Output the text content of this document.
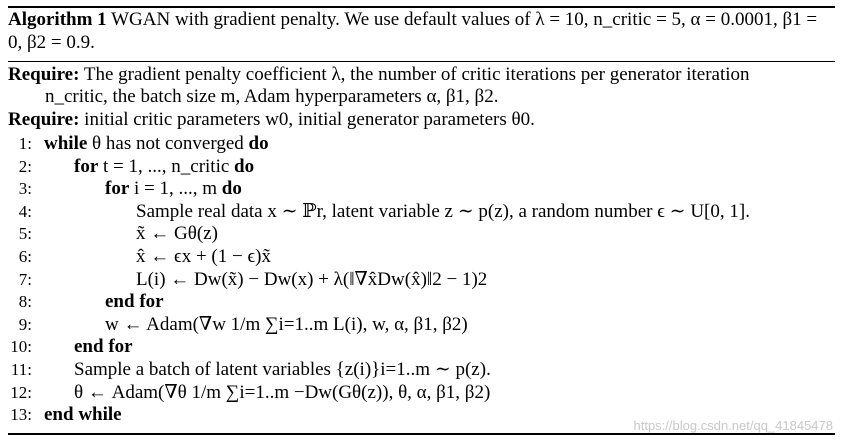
Algorithm 1 WGAN with gradient penalty. We use default values of λ = 10, n_critic = 5, α = 0.0001, β1 = 0, β2 = 0.9.
Require: The gradient penalty coefficient λ, the number of critic iterations per generator iteration
n_critic, the batch size m, Adam hyperparameters α, β1, β2.
Require: initial critic parameters w0, initial generator parameters θ0.
1: while θ has not converged do
2: for t = 1, ..., n_critic do
3:	for i = 1, ..., m do
4:	Sample real data x ∼ ℙr, latent variable z ∼ p(z), a random number ϵ ∼ U[0, 1].
5:	x̃ ← Gθ(z)
6:	x̂ ← ϵx + (1 − ϵ)x̃
7:	L(i) ← Dw(x̃) − Dw(x) + λ(‖∇x̂Dw(x̂)‖2 − 1)2
8:	end for
9:	w ← Adam(∇w 1/m ∑i=1..m L(i), w, α, β1, β2)
10: end for
11: Sample a batch of latent variables {z(i)}i=1..m ∼ p(z).
12: θ ← Adam(∇θ 1/m ∑i=1..m −Dw(Gθ(z)), θ, α, β1, β2)
13: end while
https://blog.csdn.net/qq_41845478
